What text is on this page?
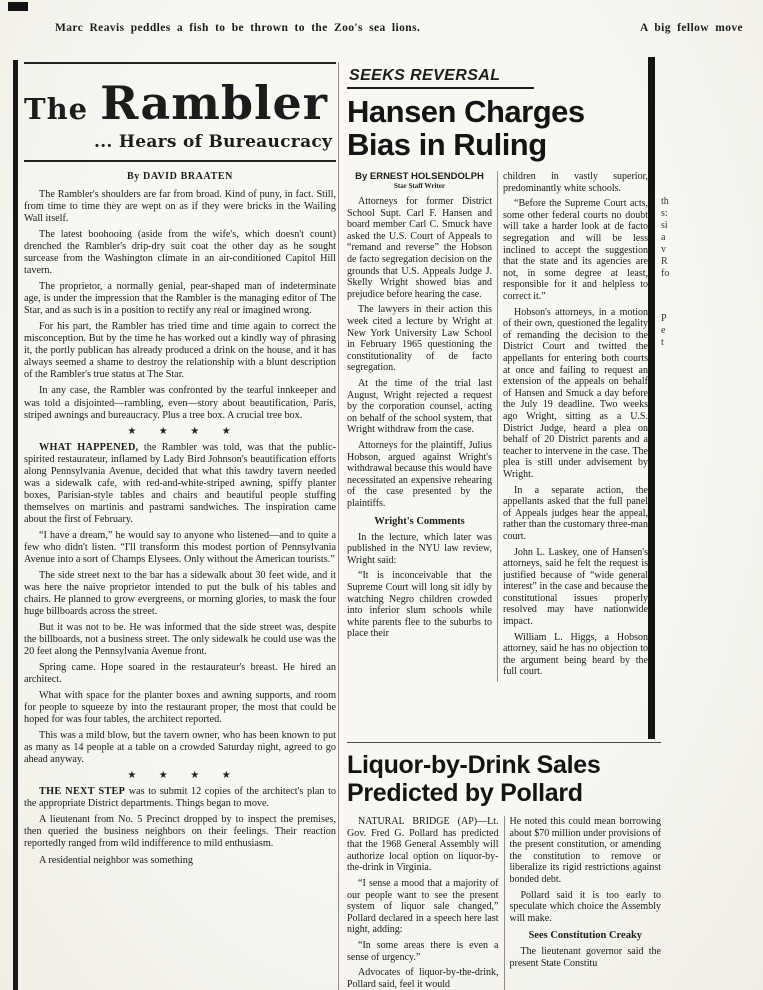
Marc Reavis peddles a fish to be thrown to the Zoo's sea lions.	A big fellow move
The Rambler
... Hears of Bureaucracy
By DAVID BRAATEN

The Rambler's shoulders are far from broad. Kind of puny, in fact. Still, from time to time they are wept on as if they were bricks in the Wailing Wall itself.

The latest boohooing (aside from the wife's, which doesn't count) drenched the Rambler's drip-dry suit coat the other day as he sought surcease from the Washington climate in an air-conditioned Capitol Hill tavern.

The proprietor, a normally genial, pear-shaped man of indeterminate age, is under the impression that the Rambler is the managing editor of The Star, and as such is in a position to rectify any real or imagined wrong.

For his part, the Rambler has tried time and time again to correct the misconception. But by the time he has worked out a kindly way of phrasing it, the portly publican has already produced a drink on the house, and it has always seemed a shame to destroy the relationship with a blunt description of the Rambler's true status at The Star.

In any case, the Rambler was confronted by the tearful innkeeper and was told a disjointed—rambling, even—story about beautification, Paris, striped awnings and bureaucracy. Plus a tree box. A crucial tree box.

★ ★ ★ ★

WHAT HAPPENED, the Rambler was told, was that the public-spirited restaurateur, inflamed by Lady Bird Johnson's beautification efforts along Pennsylvania Avenue, decided that what this tawdry tavern needed was a sidewalk cafe, with red-and-white-striped awning, spiffy planter boxes, Parisian-style tables and chairs and beautiful people stuffing themselves on martinis and pastrami sandwiches. The inspiration came about the first of February.

“I have a dream,” he would say to anyone who listened—and to quite a few who didn't listen. “I'll transform this modest portion of Pennsylvania Avenue into a sort of Champs Elysees. Only without the American tourists.”

The side street next to the bar has a sidewalk about 30 feet wide, and it was here the naive proprietor intended to put the bulk of his tables and chairs. He planned to grow evergreens, or morning glories, to mask the four huge billboards across the street.

But it was not to be. He was informed that the side street was, despite the billboards, not a business street. The only sidewalk he could use was the 20 feet along the Pennsylvania Avenue front.

Spring came. Hope soared in the restaurateur's breast. He hired an architect.

What with space for the planter boxes and awning supports, and room for people to squeeze by into the restaurant proper, the most that could be hoped for was four tables, the architect reported.

This was a mild blow, but the tavern owner, who has been known to put as many as 14 people at a table on a crowded Saturday night, agreed to go ahead anyway.

★ ★ ★ ★

THE NEXT STEP was to submit 12 copies of the architect's plan to the appropriate District departments. Things began to move.

A lieutenant from No. 5 Precinct dropped by to inspect the premises, then queried the business neighbors on their feelings. Their reaction reportedly ranged from wild indifference to mild enthusiasm.

A residential neighbor was something

SEEKS REVERSAL
Hansen Charges
Bias in Ruling
By ERNEST HOLSENDOLPH
Star Staff Writer

Attorneys for former District School Supt. Carl F. Hansen and board member Carl C. Smuck have asked the U.S. Court of Appeals to “remand and reverse” the Hobson de facto segregation decision on the grounds that U.S. Appeals Judge J. Skelly Wright showed bias and prejudice before hearing the case.

The lawyers in their action this week cited a lecture by Wright at New York University Law School in February 1965 questioning the constitutionality of de facto segregation.

At the time of the trial last August, Wright rejected a request by the corporation counsel, acting on behalf of the school system, that Wright withdraw from the case.

Attorneys for the plaintiff, Julius Hobson, argued against Wright's withdrawal because this would have necessitated an expensive rehearing of the case presented by the plaintiffs.

Wright's Comments

In the lecture, which later was published in the NYU law review, Wright said:

“It is inconceivable that the Supreme Court will long sit idly by watching Negro children crowded into inferior slum schools while white parents flee to the suburbs to place their

children in vastly superior, predominantly white schools.

“Before the Supreme Court acts, some other federal courts no doubt will take a harder look at de facto segregation and will be less inclined to accept the suggestion that the state and its agencies are not, in some degree at least, responsible for it and helpless to correct it.”

Hobson's attorneys, in a motion of their own, questioned the legality of remanding the decision to the District Court and twitted the appellants for entering both courts at once and failing to request an extension of the appeals on behalf of Hansen and Smuck a day before the July 19 deadline. Two weeks ago Wright, sitting as a U.S. District Judge, heard a plea on behalf of 20 District parents and a teacher to intervene in the case. The plea is still under advisement by Wright.

In a separate action, the appellants asked that the full panel of Appeals judges hear the appeal, rather than the customary three-man court.

John L. Laskey, one of Hansen's attorneys, said he felt the request is justified because of “wide general interest” in the case and because the constitutional issues properly resolved may have nationwide impact.

William L. Higgs, a Hobson attorney, said he has no objection to the argument being heard by the full court.

Liquor-by-Drink Sales
Predicted by Pollard

NATURAL BRIDGE (AP)—Lt. Gov. Fred G. Pollard has predicted that the 1968 General Assembly will authorize local option on liquor-by-the-drink in Virginia.

“I sense a mood that a majority of our people want to see the present system of liquor sale changed,” Pollard declared in a speech here last night, adding:

“In some areas there is even a sense of urgency.”

Advocates of liquor-by-the-drink, Pollard said, feel it would

He noted this could mean borrowing about $70 million under provisions of the present constitution, or amending the constitution to remove or liberalize its rigid restrictions against bonded debt.

Pollard said it is too early to speculate which choice the Assembly will make.

Sees Constitution Creaky

The lieutenant governor said the present State Constitu

th
s:
si
a
v
R
fo
P
e
t
